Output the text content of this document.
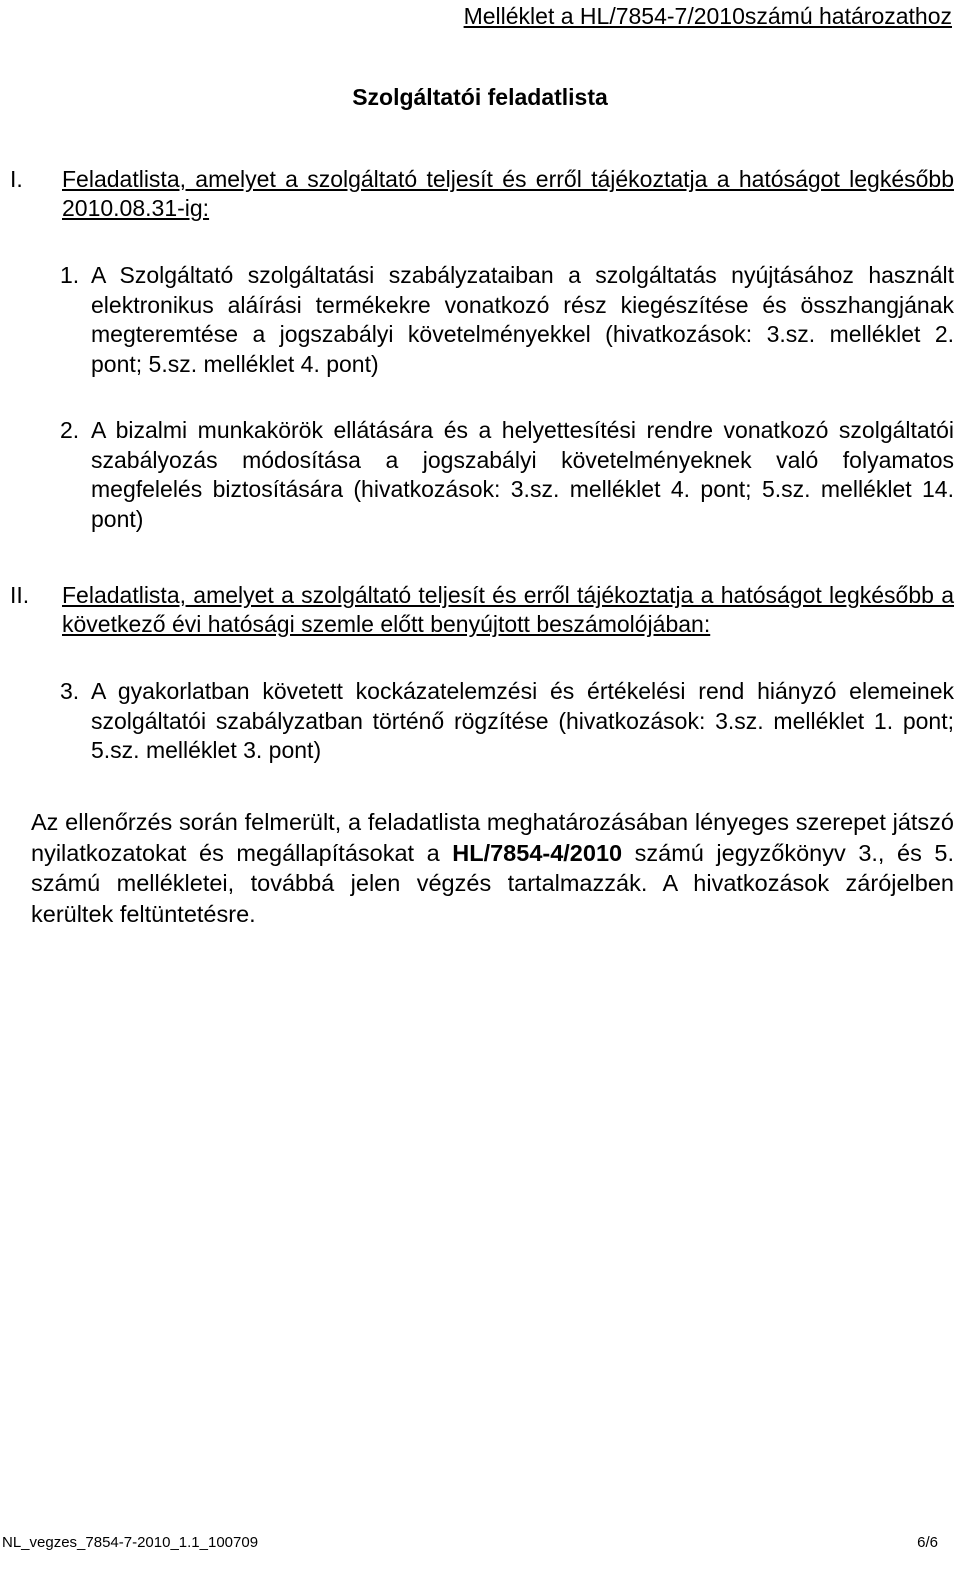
Melléklet a HL/7854-7/2010számú határozathoz
Szolgáltatói feladatlista
I. Feladatlista, amelyet a szolgáltató teljesít és erről tájékoztatja a hatóságot legkésőbb 2010.08.31-ig:
1. A Szolgáltató szolgáltatási szabályzataiban a szolgáltatás nyújtásához használt elektronikus aláírási termékekre vonatkozó rész kiegészítése és összhangjának megteremtése a jogszabályi követelményekkel (hivatkozások: 3.sz. melléklet 2. pont; 5.sz. melléklet 4. pont)
2. A bizalmi munkakörök ellátására és a helyettesítési rendre vonatkozó szolgáltatói szabályozás módosítása a jogszabályi követelményeknek való folyamatos megfelelés biztosítására (hivatkozások: 3.sz. melléklet 4. pont; 5.sz. melléklet 14. pont)
II. Feladatlista, amelyet a szolgáltató teljesít és erről tájékoztatja a hatóságot legkésőbb a következő évi hatósági szemle előtt benyújtott beszámolójában:
3. A gyakorlatban követett kockázatelemzési és értékelési rend hiányzó elemeinek szolgáltatói szabályzatban történő rögzítése (hivatkozások: 3.sz. melléklet 1. pont; 5.sz. melléklet 3. pont)
Az ellenőrzés során felmerült, a feladatlista meghatározásában lényeges szerepet játszó nyilatkozatokat és megállapításokat a HL/7854-4/2010 számú jegyzőkönyv 3., és 5. számú mellékletei, továbbá jelen végzés tartalmazzák. A hivatkozások zárójelben kerültek feltüntetésre.
NL_vegzes_7854-7-2010_1.1_100709	6/6
